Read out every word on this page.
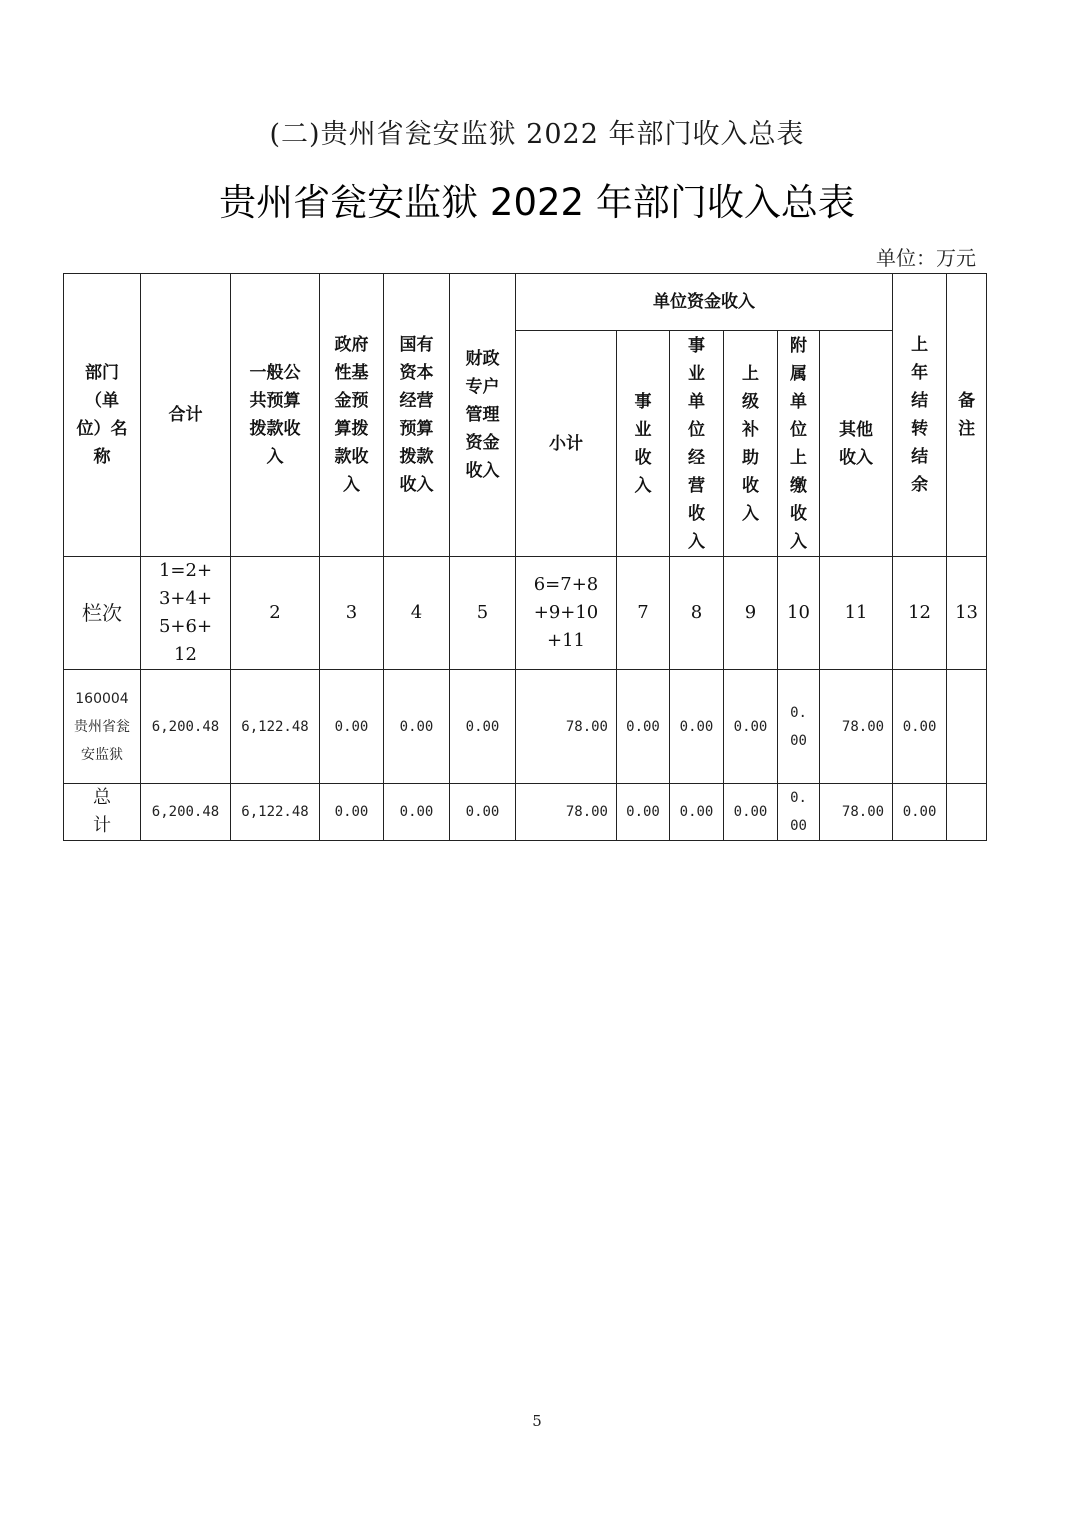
(二)贵州省瓮安监狱 2022 年部门收入总表
贵州省瓮安监狱 2022 年部门收入总表
单位：万元
部门（单位）名称	合计	一般公共预算拨款收入	政府性基金预算拨款收入	国有资本经营预算拨款收入	财政专户管理资金收入	单位资金收入						上年结转结余	备注
						小计	事业收入	事业单位经营收入	上级补助收入	附属单位上缴收入	其他收入		
栏次	1=2+3+4+5+6+12	2	3	4	5	6=7+8+9+10+11	7	8	9	10	11	12	13
160004贵州省瓮安监狱	6,200.48	6,122.48	0.00	0.00	0.00	78.00	0.00	0.00	0.00	0.00	78.00	0.00	
总计	6,200.48	6,122.48	0.00	0.00	0.00	78.00	0.00	0.00	0.00	0.00	78.00	0.00	
5
